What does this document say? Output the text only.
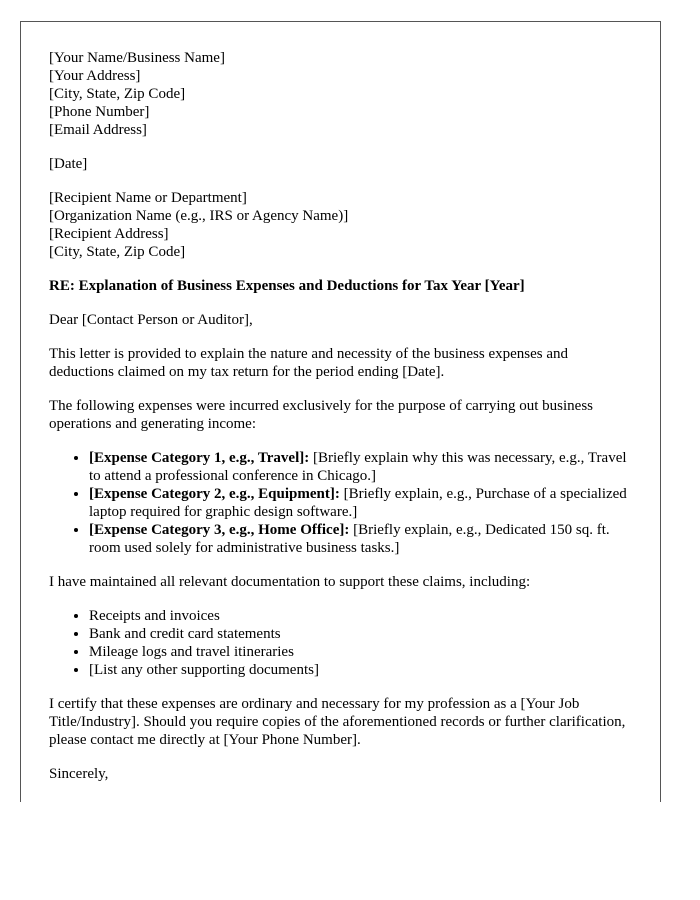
[Your Name/Business Name]
[Your Address]
[City, State, Zip Code]
[Phone Number]
[Email Address]
[Date]
[Recipient Name or Department]
[Organization Name (e.g., IRS or Agency Name)]
[Recipient Address]
[City, State, Zip Code]
RE: Explanation of Business Expenses and Deductions for Tax Year [Year]

Dear [Contact Person or Auditor],

This letter is provided to explain the nature and necessity of the business expenses and deductions claimed on my tax return for the period ending [Date].

The following expenses were incurred exclusively for the purpose of carrying out business operations and generating income:

• [Expense Category 1, e.g., Travel]: [Briefly explain why this was necessary, e.g., Travel to attend a professional conference in Chicago.]
• [Expense Category 2, e.g., Equipment]: [Briefly explain, e.g., Purchase of a specialized laptop required for graphic design software.]
• [Expense Category 3, e.g., Home Office]: [Briefly explain, e.g., Dedicated 150 sq. ft. room used solely for administrative business tasks.]

I have maintained all relevant documentation to support these claims, including:

• Receipts and invoices
• Bank and credit card statements
• Mileage logs and travel itineraries
• [List any other supporting documents]

I certify that these expenses are ordinary and necessary for my profession as a [Your Job Title/Industry]. Should you require copies of the aforementioned records or further clarification, please contact me directly at [Your Phone Number].

Sincerely,
